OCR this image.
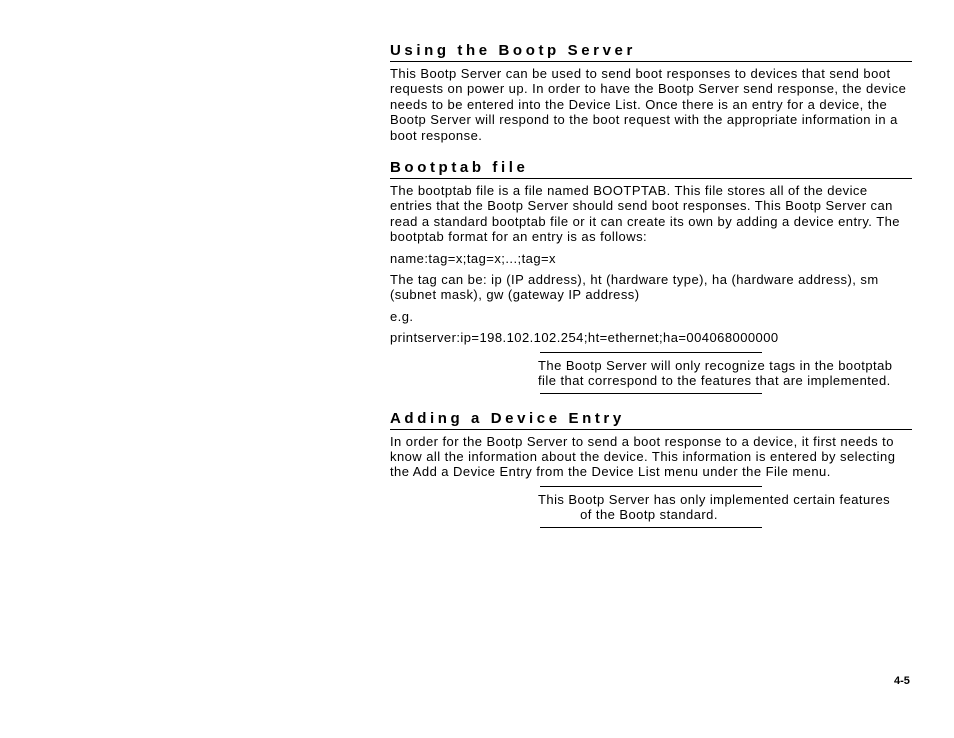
Using the Bootp Server

This Bootp Server can be used to send boot responses to devices that send boot requests on power up. In order to have the Bootp Server send response, the device needs to be entered into the Device List. Once there is an entry for a device, the Bootp Server will respond to the boot request with the appropriate information in a boot response.

Bootptab file

The bootptab file is a file named BOOTPTAB. This file stores all of the device entries that the Bootp Server should send boot responses. This Bootp Server can read a standard bootptab file or it can create its own by adding a device entry. The bootptab format for an entry is as follows:

name:tag=x;tag=x;...;tag=x

The tag can be: ip (IP address), ht (hardware type), ha (hardware address), sm (subnet mask), gw (gateway IP address)

e.g.

printserver:ip=198.102.102.254;ht=ethernet;ha=004068000000

The Bootp Server will only recognize tags in the bootptab

file that correspond to the features that are implemented.

Adding a Device Entry

In order for the Bootp Server to send a boot response to a device, it first needs to know all the information about the device. This information is entered by selecting the Add a Device Entry from the Device List menu under the File menu.

This Bootp Server has only implemented certain features

of the Bootp standard.

4-5
